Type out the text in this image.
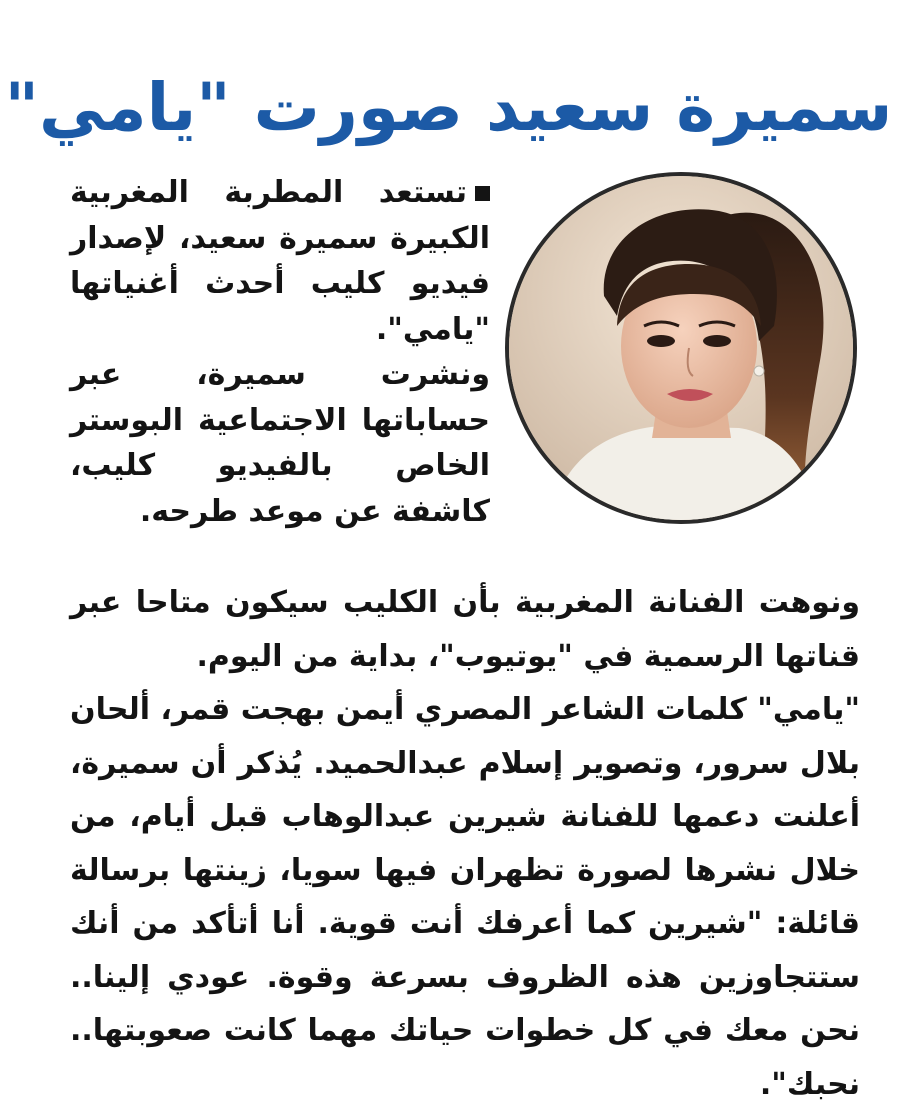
سميرة سعيد صورت "يامي"

تستعد المطربة المغربية الكبيرة سميرة سعيد، لإصدار فيديو كليب أحدث أغنياتها "يامي".

ونشرت سميرة، عبر حساباتها الاجتماعية البوستر الخاص بالفيديو كليب، كاشفة عن موعد طرحه.

ونوهت الفنانة المغربية بأن الكليب سيكون متاحا عبر قناتها الرسمية في "يوتيوب"، بداية من اليوم.

"يامي" كلمات الشاعر المصري أيمن بهجت قمر، ألحان بلال سرور، وتصوير إسلام عبدالحميد. يُذكر أن سميرة، أعلنت دعمها للفنانة شيرين عبدالوهاب قبل أيام، من خلال نشرها لصورة تظهران فيها سويا، زينتها برسالة قائلة: "شيرين كما أعرفك أنت قوية. أنا أتأكد من أنك ستتجاوزين هذه الظروف بسرعة وقوة. عودي إلينا.. نحن معك في كل خطوات حياتك مهما كانت صعوبتها.. نحبك".
